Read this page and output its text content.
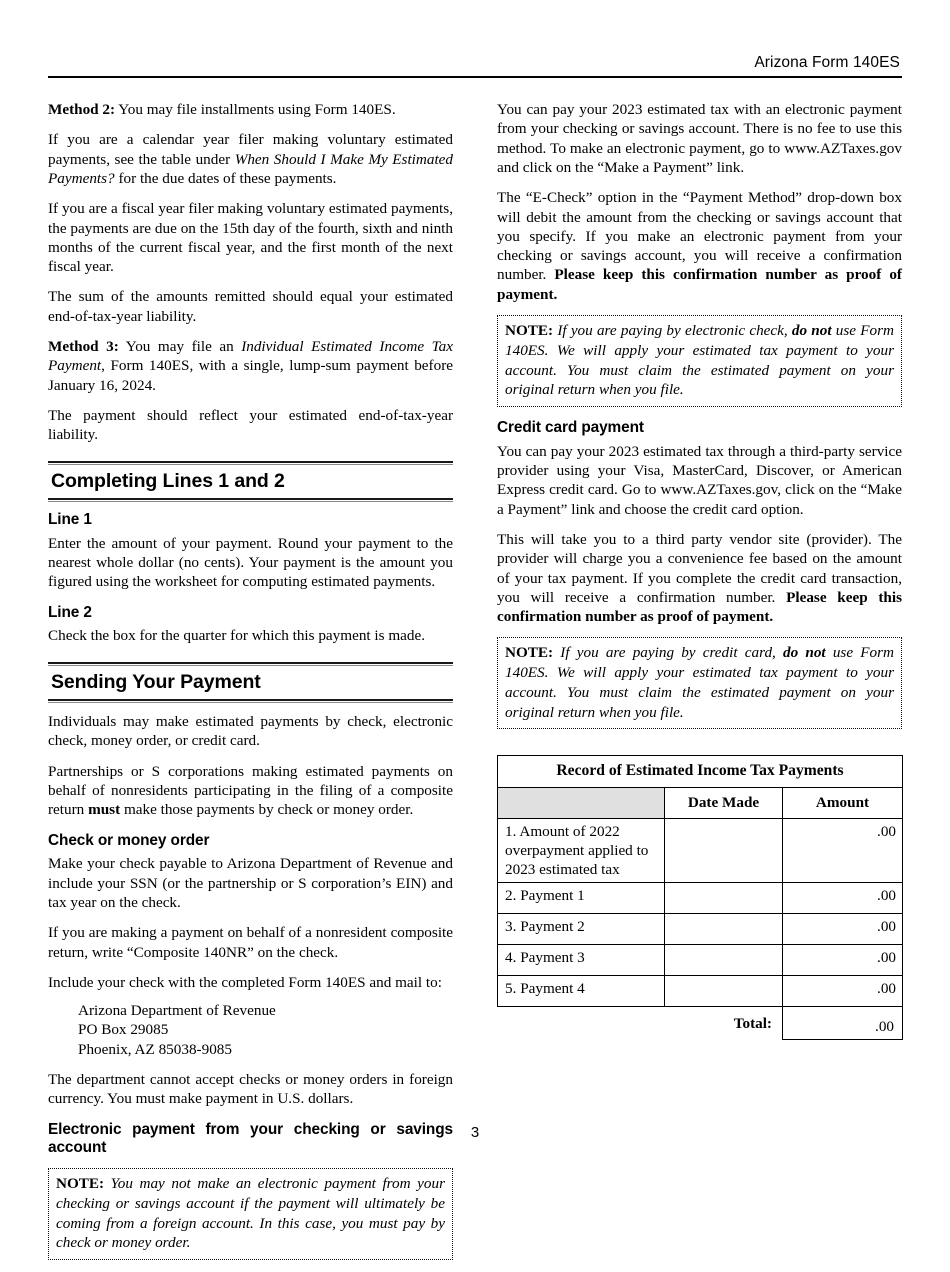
Arizona Form 140ES

Method 2: You may file installments using Form 140ES.

If you are a calendar year filer making voluntary estimated payments, see the table under When Should I Make My Estimated Payments? for the due dates of these payments.

If you are a fiscal year filer making voluntary estimated payments, the payments are due on the 15th day of the fourth, sixth and ninth months of the current fiscal year, and the first month of the next fiscal year.

The sum of the amounts remitted should equal your estimated end-of-tax-year liability.

Method 3: You may file an Individual Estimated Income Tax Payment, Form 140ES, with a single, lump-sum payment before January 16, 2024.

The payment should reflect your estimated end-of-tax-year liability.

Completing Lines 1 and 2
Line 1

Enter the amount of your payment. Round your payment to the nearest whole dollar (no cents). Your payment is the amount you figured using the worksheet for computing estimated payments.

Line 2

Check the box for the quarter for which this payment is made.

Sending Your Payment

Individuals may make estimated payments by check, electronic check, money order, or credit card.

Partnerships or S corporations making estimated payments on behalf of nonresidents participating in the filing of a composite return must make those payments by check or money order.

Check or money order

Make your check payable to Arizona Department of Revenue and include your SSN (or the partnership or S corporation’s EIN) and tax year on the check.

If you are making a payment on behalf of a nonresident composite return, write “Composite 140NR” on the check.

Include your check with the completed Form 140ES and mail to:

Arizona Department of Revenue
PO Box 29085
Phoenix, AZ 85038-9085

The department cannot accept checks or money orders in foreign currency. You must make payment in U.S. dollars.

Electronic payment from your checking or savings account

NOTE: You may not make an electronic payment from your checking or savings account if the payment will ultimately be coming from a foreign account. In this case, you must pay by check or money order.

You can pay your 2023 estimated tax with an electronic payment from your checking or savings account. There is no fee to use this method. To make an electronic payment, go to www.AZTaxes.gov and click on the “Make a Payment” link.

The “E-Check” option in the “Payment Method” drop-down box will debit the amount from the checking or savings account that you specify. If you make an electronic payment from your checking or savings account, you will receive a confirmation number. Please keep this confirmation number as proof of payment.

NOTE: If you are paying by electronic check, do not use Form 140ES. We will apply your estimated tax payment to your account. You must claim the estimated payment on your original return when you file.

Credit card payment

You can pay your 2023 estimated tax through a third-party service provider using your Visa, MasterCard, Discover, or American Express credit card. Go to www.AZTaxes.gov, click on the “Make a Payment” link and choose the credit card option.

This will take you to a third party vendor site (provider). The provider will charge you a convenience fee based on the amount of your tax payment. If you complete the credit card transaction, you will receive a confirmation number. Please keep this confirmation number as proof of payment.

NOTE: If you are paying by credit card, do not use Form 140ES. We will apply your estimated tax payment to your account. You must claim the estimated payment on your original return when you file.

Record of Estimated Income Tax Payments		
	Date Made	Amount
1. Amount of 2022 overpayment applied to 2023 estimated tax		.00
2. Payment 1		.00
3. Payment 2		.00
4. Payment 3		.00
5. Payment 4		.00
	Total:	.00
3
